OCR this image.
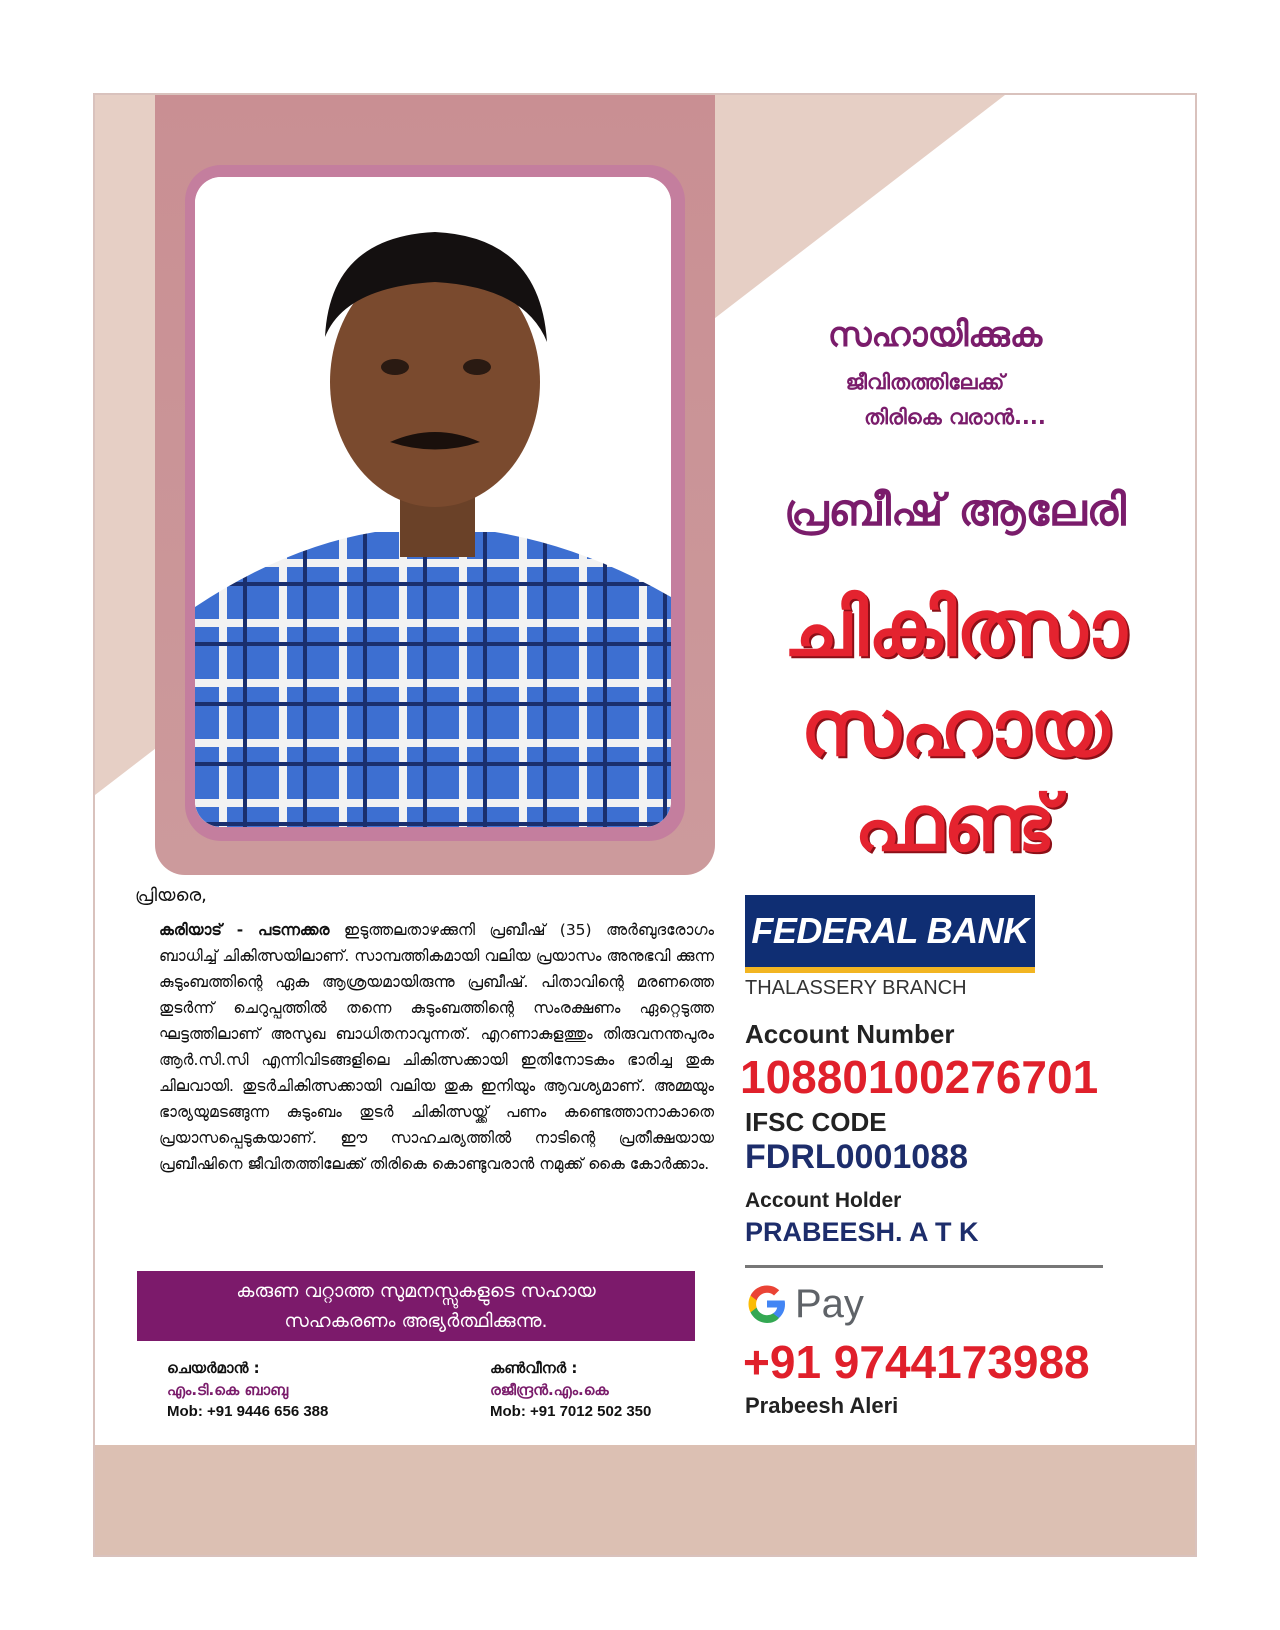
സഹായിക്കുക
ജീവിതത്തിലേക്ക്
തിരികെ വരാൻ....
പ്രബീഷ് ആലേരി
ചികിത്സാ
സഹായ
ഫണ്ട്
പ്രിയരെ,
കരിയാട് - പടന്നക്കര ഇടുത്തലതാഴക്കുനി പ്രബീഷ് (35) അർബുദരോഗം ബാധിച്ച് ചികിത്സയിലാണ്. സാമ്പത്തികമായി വലിയ പ്രയാസം അനുഭവി ക്കുന്ന കുടുംബത്തിന്റെ ഏക ആശ്രയമായിരുന്നു പ്രബീഷ്. പിതാവിന്റെ മരണത്തെ തുടർന്ന് ചെറുപ്പത്തിൽ തന്നെ കുടുംബത്തിന്റെ സംരക്ഷണം ഏറ്റെടുത്ത ഘട്ടത്തിലാണ് അസുഖ ബാധിതനാവുന്നത്. എറണാകുളത്തും തിരുവനന്തപുരം ആർ.സി.സി എന്നിവിടങ്ങളിലെ ചികിത്സക്കായി ഇതിനോടകം ഭാരിച്ച തുക ചിലവായി. തുടർചികിത്സക്കായി വലിയ തുക ഇനിയും ആവശ്യമാണ്. അമ്മയും ഭാര്യയുമടങ്ങുന്ന കുടുംബം തുടർ ചികിത്സയ്ക്ക് പണം കണ്ടെത്താനാകാതെ പ്രയാസപ്പെടുകയാണ്. ഈ സാഹചര്യത്തിൽ നാടിന്റെ പ്രതീക്ഷയായ പ്രബീഷിനെ ജീവിതത്തിലേക്ക് തിരികെ കൊണ്ടുവരാൻ നമുക്ക് കൈ കോർക്കാം.
കരുണ വറ്റാത്ത സുമനസ്സുകളുടെ സഹായ
സഹകരണം അഭ്യർത്ഥിക്കുന്നു.
ചെയർമാൻ :
എം.ടി.കെ ബാബു
Mob: +91 9446 656 388
കൺവീനർ :
രജീന്ദ്രൻ.എം.കെ
Mob: +91 7012 502 350
FEDERAL BANK
THALASSERY BRANCH
Account Number
10880100276701
IFSC CODE
FDRL0001088
Account Holder
PRABEESH. A T K
Pay
+91 9744173988
Prabeesh Aleri
